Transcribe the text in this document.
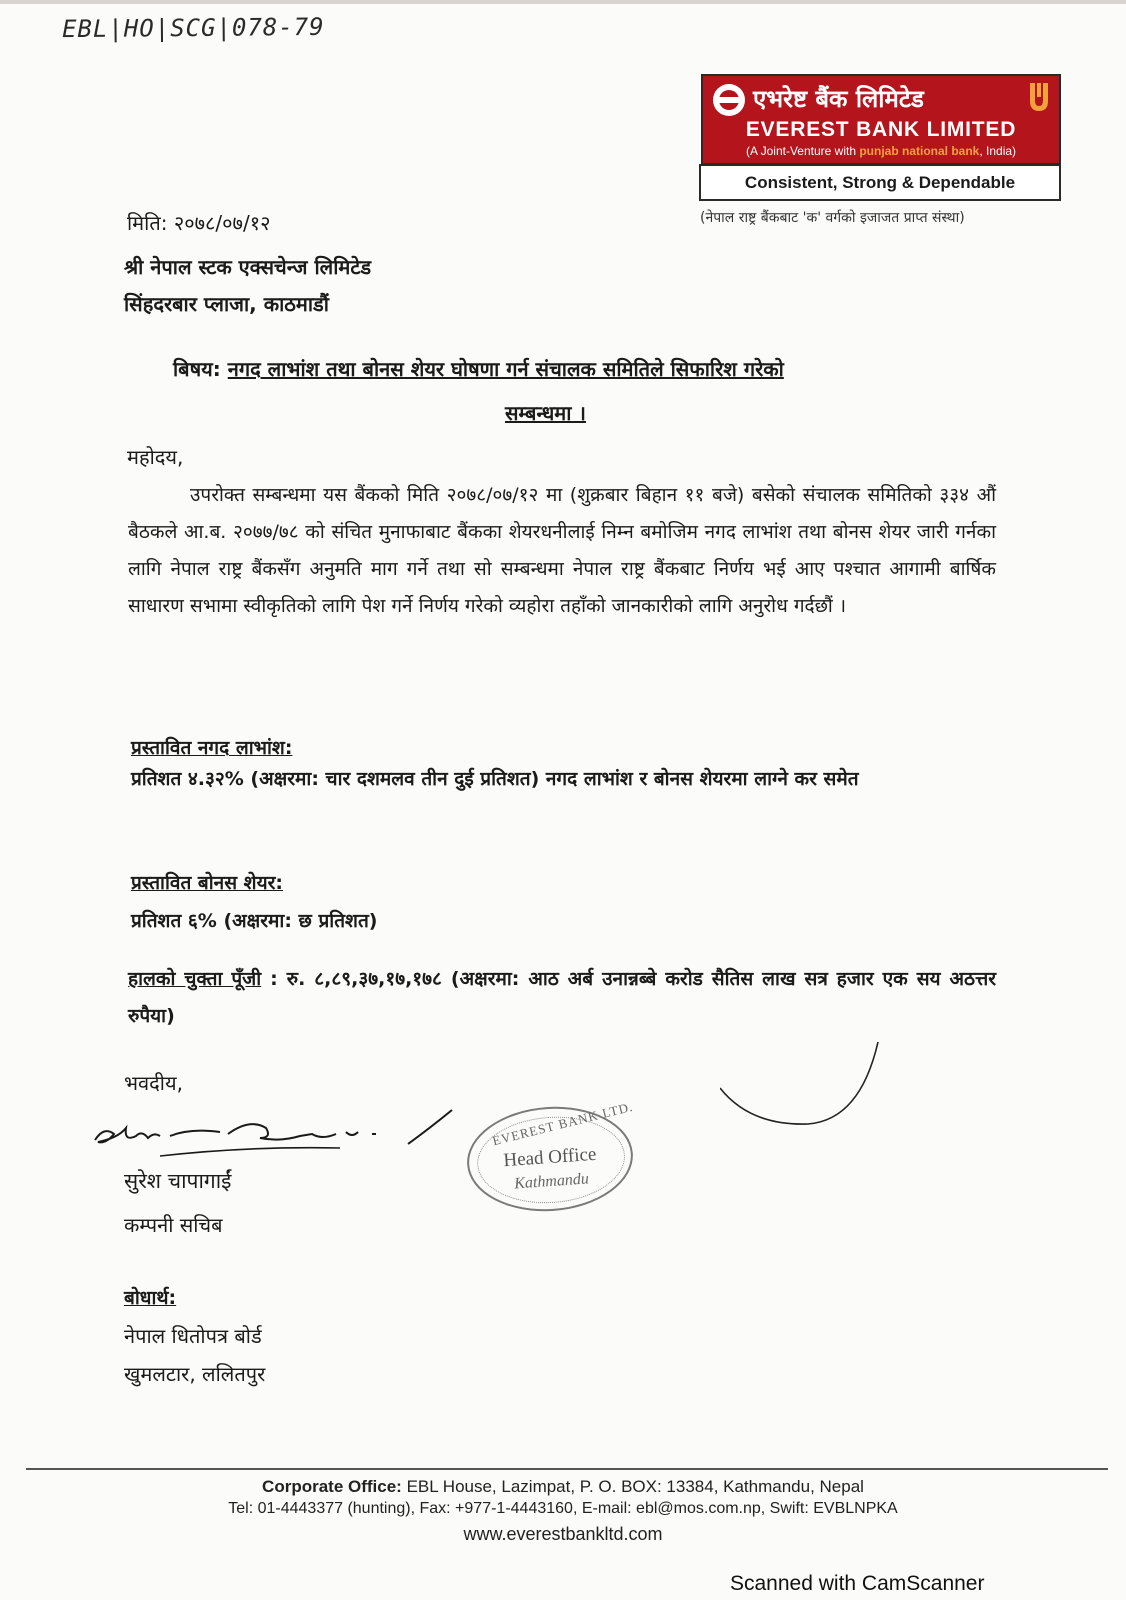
EBL|HO|SCG|078-79
एभरेष्ट बैंक लिमिटेड
EVEREST BANK LIMITED
(A Joint-Venture with punjab national bank, India)
Consistent, Strong & Dependable
(नेपाल राष्ट्र बैंकबाट 'क' वर्गको इजाजत प्राप्त संस्था)
मिति: २०७८/०७/१२
श्री नेपाल स्टक एक्सचेन्ज लिमिटेड
सिंहदरबार प्लाजा, काठमाडौं
बिषय: नगद लाभांश तथा बोनस शेयर घोषणा गर्न संचालक समितिले सिफारिश गरेको
सम्बन्धमा ।
महोदय,

उपरोक्त सम्बन्धमा यस बैंकको मिति २०७८/०७/१२ मा (शुक्रबार बिहान ११ बजे) बसेको संचालक समितिको ३३४ औं बैठकले आ.ब. २०७७/७८ को संचित मुनाफाबाट बैंकका शेयरधनीलाई निम्न बमोजिम नगद लाभांश तथा बोनस शेयर जारी गर्नका लागि नेपाल राष्ट्र बैंकसँग अनुमति माग गर्ने तथा सो सम्बन्धमा नेपाल राष्ट्र बैंकबाट निर्णय भई आए पश्चात आगामी बार्षिक साधारण सभामा स्वीकृतिको लागि पेश गर्ने निर्णय गरेको व्यहोरा तहाँको जानकारीको लागि अनुरोध गर्दछौं ।

प्रस्तावित नगद लाभांश:
प्रतिशत ४.३२% (अक्षरमा: चार दशमलव तीन दुई प्रतिशत) नगद लाभांश र बोनस शेयरमा लाग्ने कर समेत
प्रस्तावित बोनस शेयर:
प्रतिशत ६% (अक्षरमा: छ प्रतिशत)
हालको चुक्ता पूँजी : रु. ८,८९,३७,१७,१७८ (अक्षरमा: आठ अर्ब उनान्नब्बे करोड सैतिस लाख सत्र हजार एक सय अठत्तर रुपैया)
भवदीय,
सुरेश चापागाईं
कम्पनी सचिब
EVEREST BANK LTD.
Head Office
Kathmandu
बोधार्थ:
नेपाल धितोपत्र बोर्ड
खुमलटार, ललितपुर
Corporate Office: EBL House, Lazimpat, P. O. BOX: 13384, Kathmandu, Nepal
Tel: 01-4443377 (hunting), Fax: +977-1-4443160, E-mail: ebl@mos.com.np, Swift: EVBLNPKA
www.everestbankltd.com
Scanned with CamScanner
